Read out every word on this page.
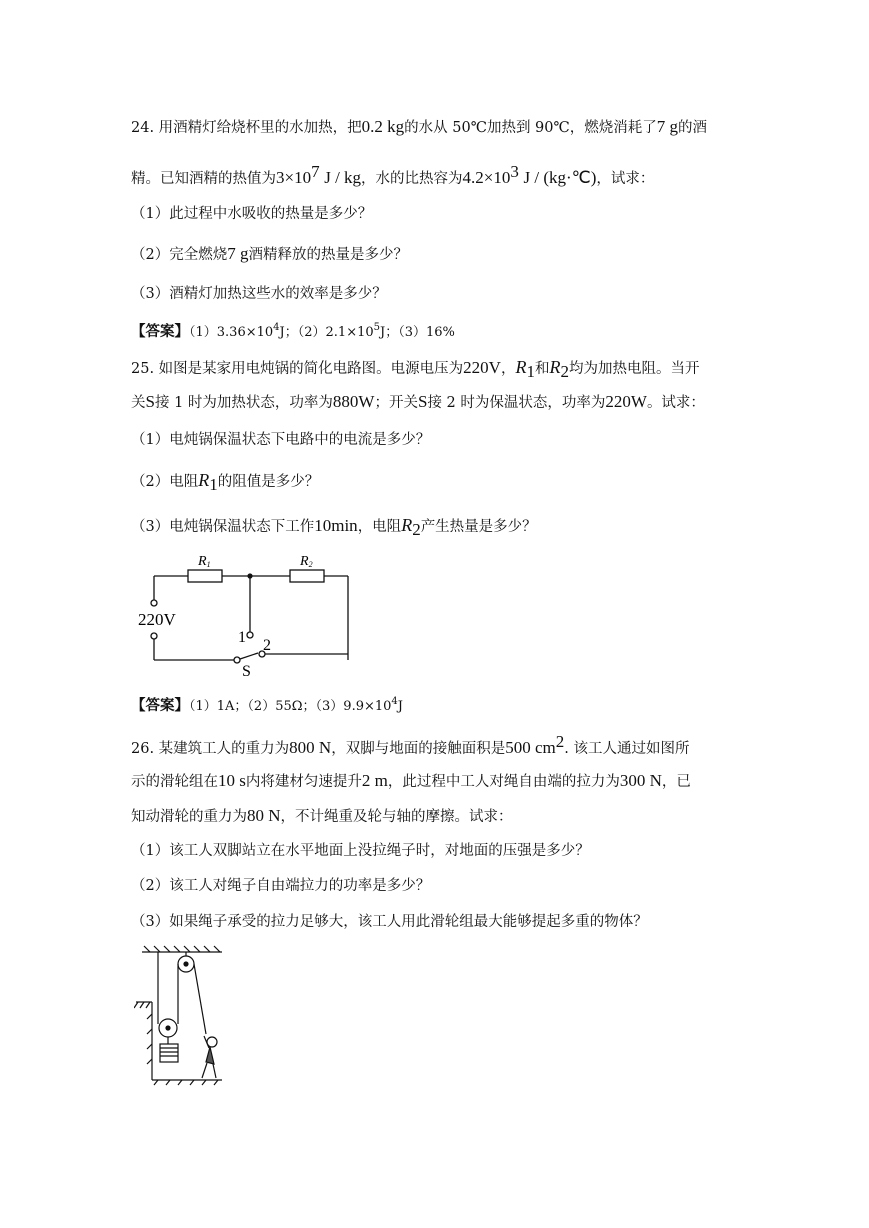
24. 用酒精灯给烧杯里的水加热，把0.2 kg的水从 50℃加热到 90℃，燃烧消耗了7 g的酒
精。已知酒精的热值为$3\times 10^7$ J / kg，水的比热容为$4.2\times 10^3$ J / (kg·℃)，试求：
（1）此过程中水吸收的热量是多少？
（2）完全燃烧7 g酒精释放的热量是多少？
（3）酒精灯加热这些水的效率是多少？
【答案】$(1)3.36\times 10^4J$；$(2)2.1\times 10^5J$；（3）16%
25. 如图是某家用电炖锅的简化电路图。电源电压为220V，$R_1$和$R_2$均为加热电阻。当开
关S接 1 时为加热状态，功率为880W；开关S接 2 时为保温状态，功率为220W。试求：
（1）电炖锅保温状态下电路中的电流是多少？
（2）电阻$R_1$的阻值是多少？
（3）电炖锅保温状态下工作10min，电阻$R_2$产生热量是多少？
R1	R2
220V
1 2
S
【答案】（1）1A；（2）55Ω；$(3)9.9\times 10^4J$
26. 某建筑工人的重力为800 N，双脚与地面的接触面积是500 $cm^2$. 该工人通过如图所
示的滑轮组在10 s内将建材匀速提升2 m，此过程中工人对绳自由端的拉力为300 N，已
知动滑轮的重力为80 N，不计绳重及轮与轴的摩擦。试求：
（1）该工人双脚站立在水平地面上没拉绳子时，对地面的压强是多少？
（2）该工人对绳子自由端拉力的功率是多少？
（3）如果绳子承受的拉力足够大，该工人用此滑轮组最大能够提起多重的物体？
